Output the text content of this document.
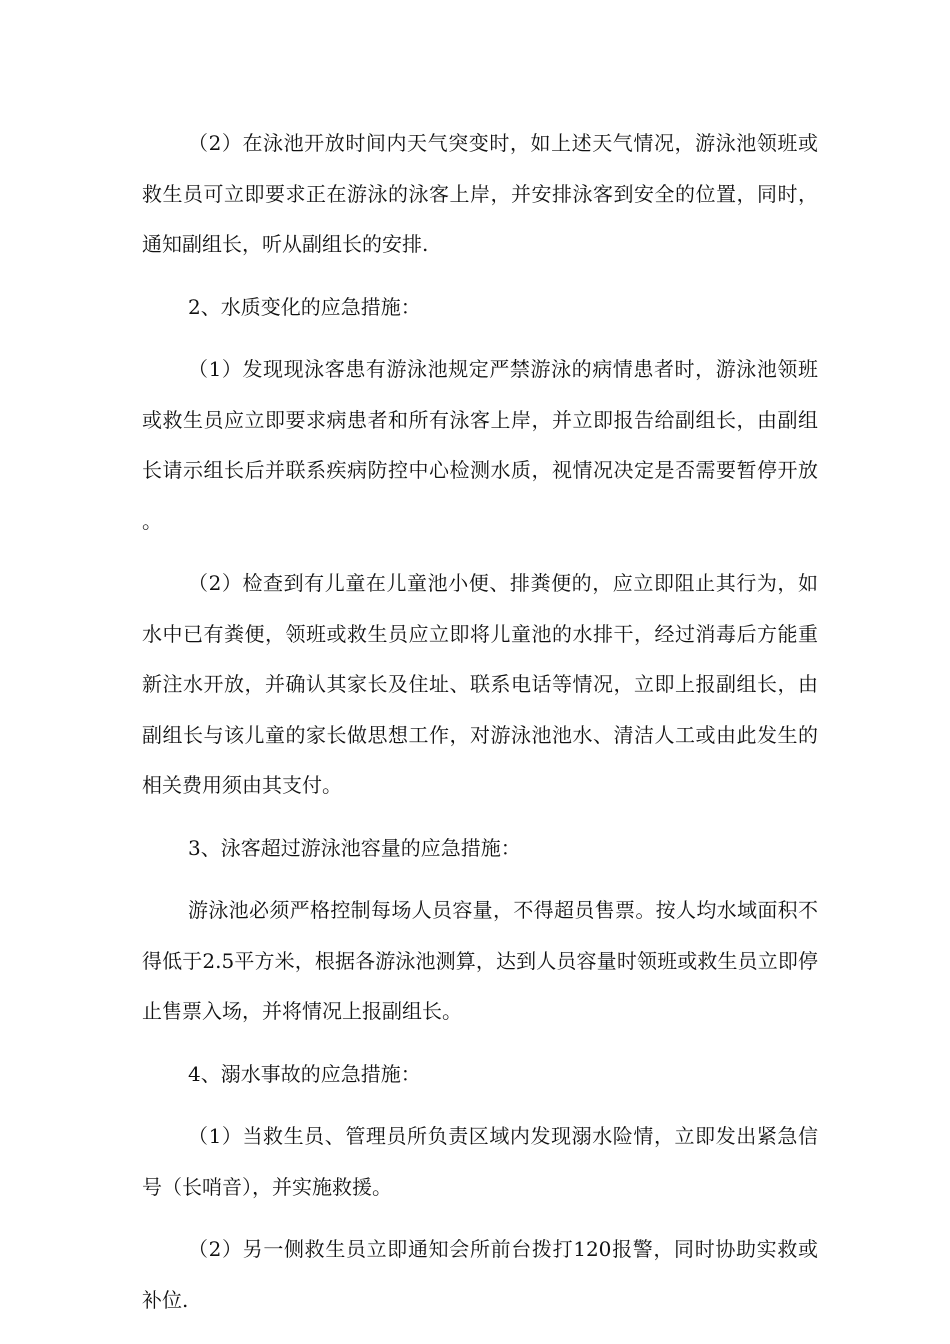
（2）在泳池开放时间内天气突变时，如上述天气情况，游泳池领班或救生员可立即要求正在游泳的泳客上岸，并安排泳客到安全的位置，同时，通知副组长，听从副组长的安排.

2、水质变化的应急措施：

（1）发现现泳客患有游泳池规定严禁游泳的病情患者时，游泳池领班或救生员应立即要求病患者和所有泳客上岸，并立即报告给副组长，由副组长请示组长后并联系疾病防控中心检测水质，视情况决定是否需要暂停开放。

（2）检查到有儿童在儿童池小便、排粪便的，应立即阻止其行为，如水中已有粪便，领班或救生员应立即将儿童池的水排干，经过消毒后方能重新注水开放，并确认其家长及住址、联系电话等情况，立即上报副组长，由副组长与该儿童的家长做思想工作，对游泳池池水、清洁人工或由此发生的相关费用须由其支付。

3、泳客超过游泳池容量的应急措施：

游泳池必须严格控制每场人员容量，不得超员售票。按人均水域面积不得低于2.5平方米，根据各游泳池测算，达到人员容量时领班或救生员立即停止售票入场，并将情况上报副组长。

4、溺水事故的应急措施：

（1）当救生员、管理员所负责区域内发现溺水险情，立即发出紧急信号（长哨音），并实施救援。

（2）另一侧救生员立即通知会所前台拨打120报警，同时协助实救或补位.
